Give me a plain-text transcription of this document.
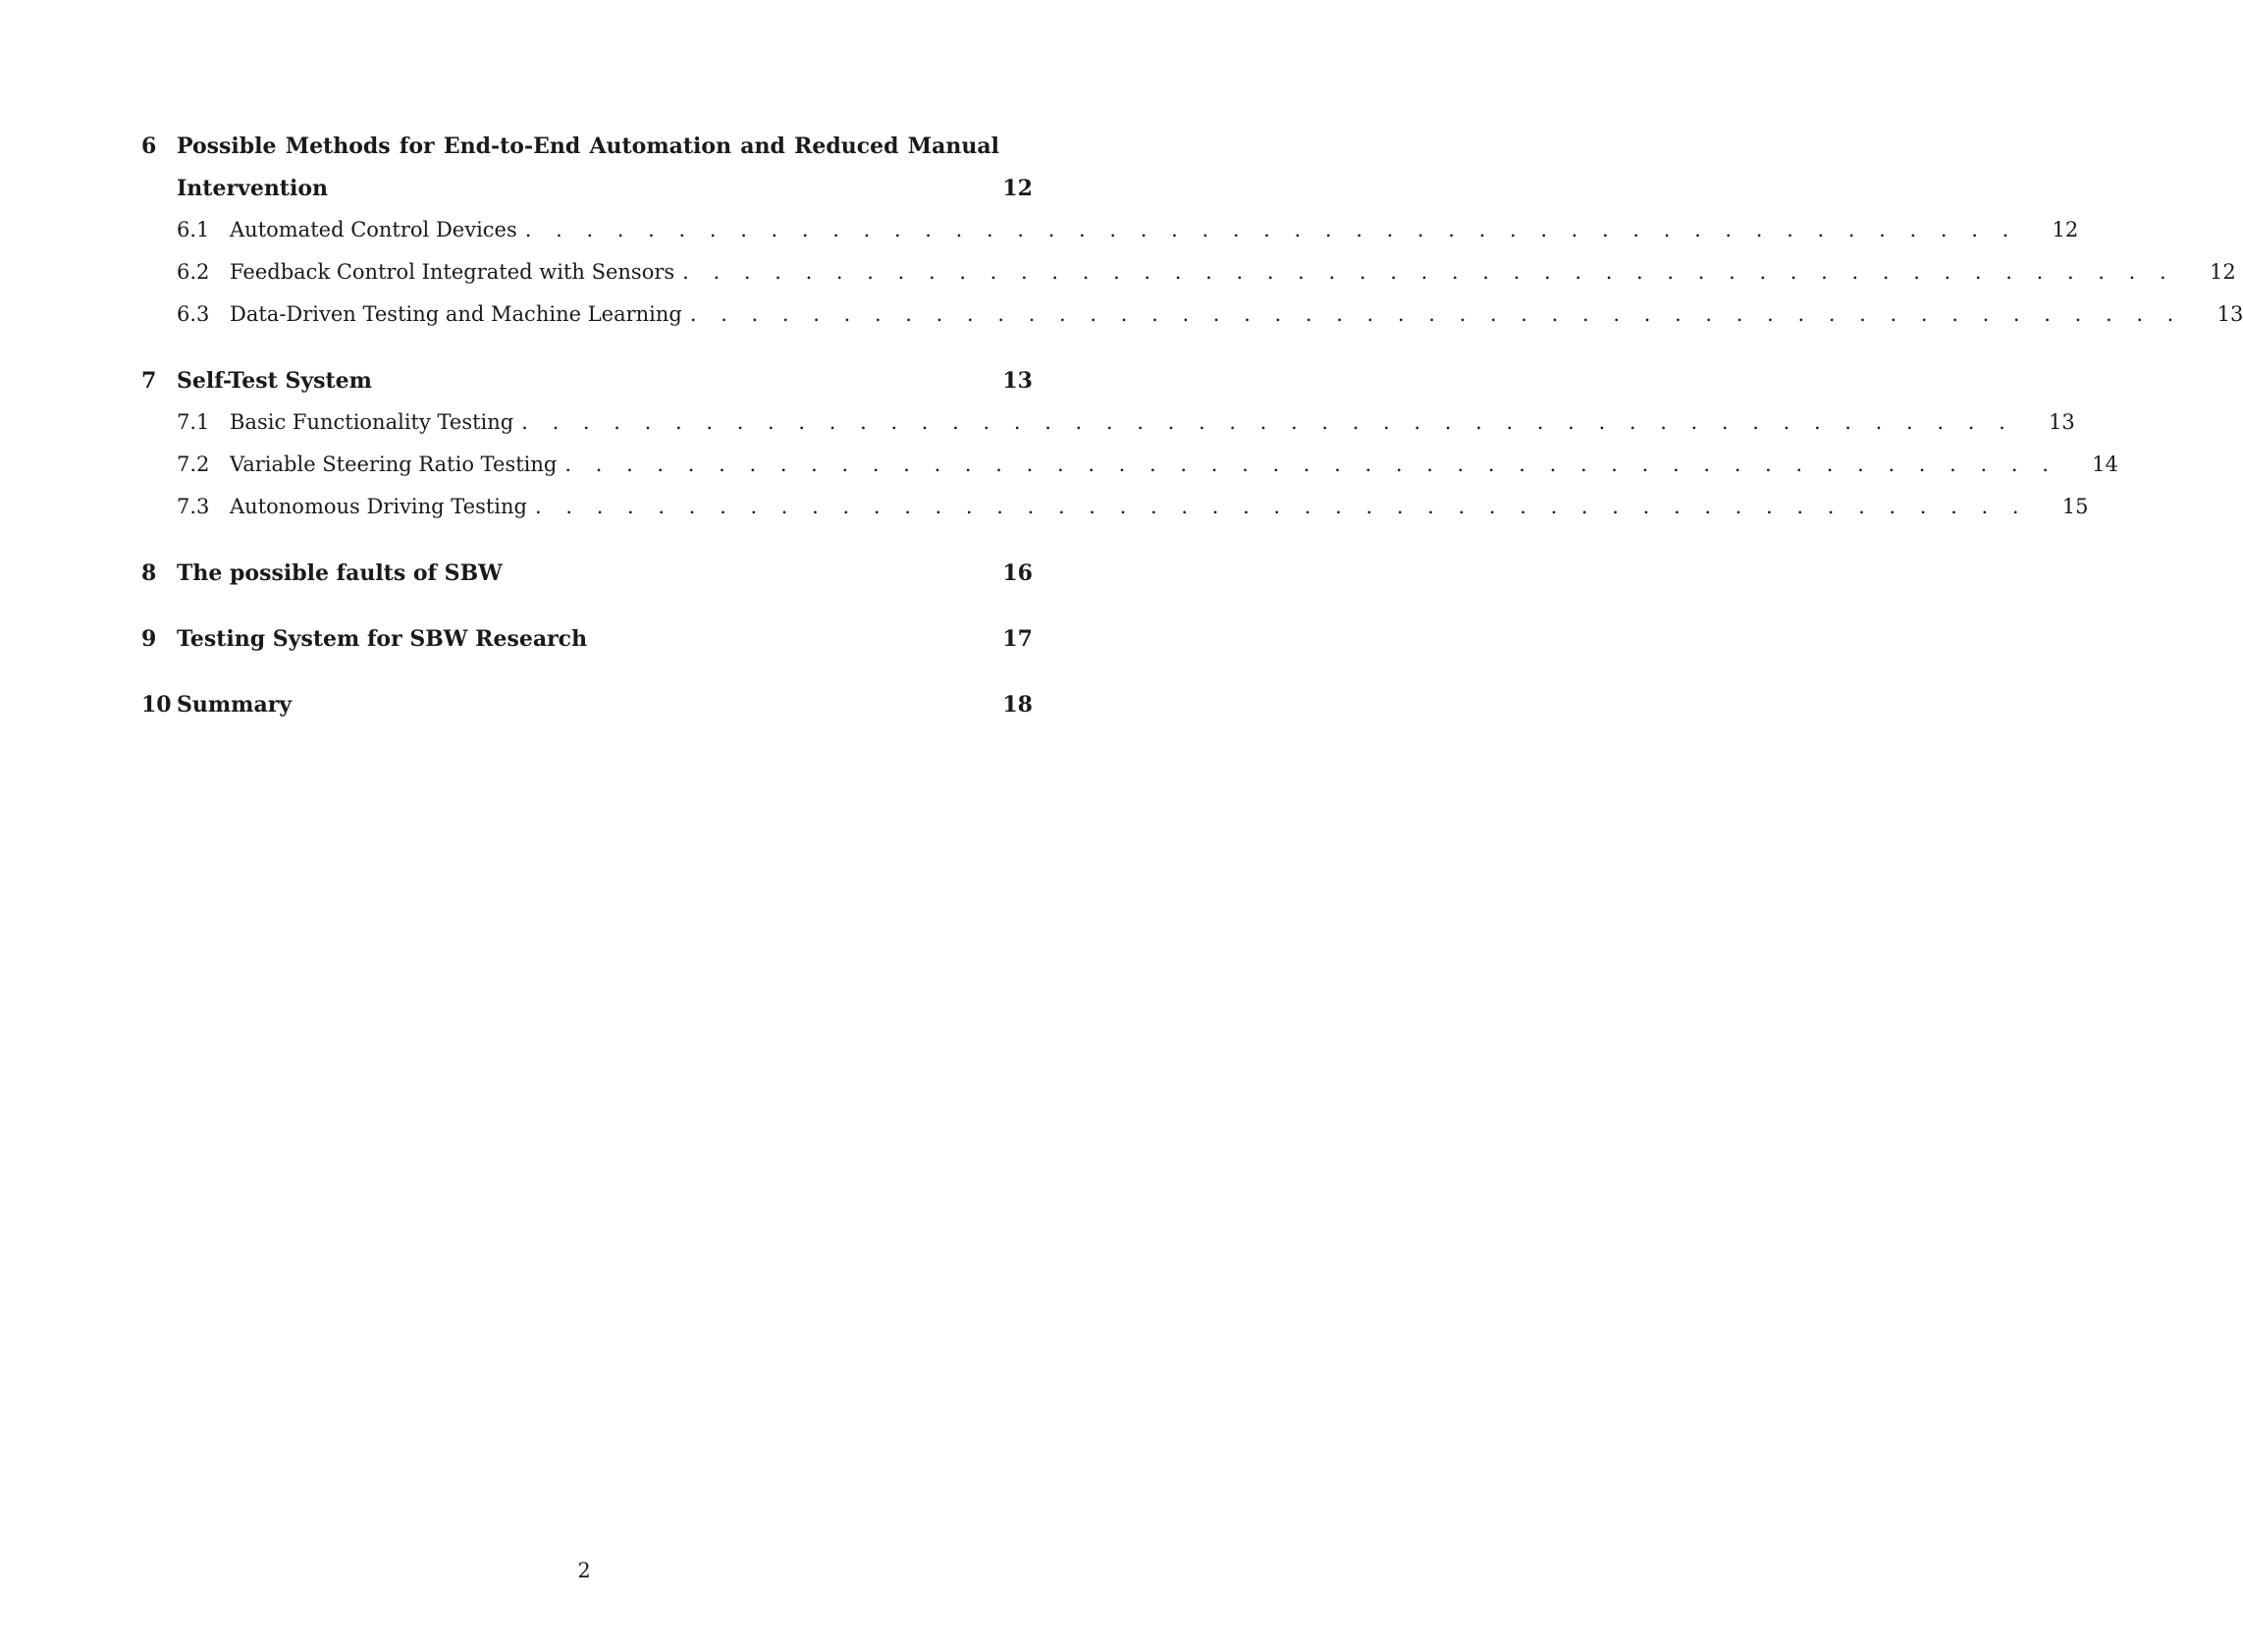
6 Possible Methods for End-to-End Automation and Reduced Manual
Intervention	12
6.1 Automated Control Devices . . . . . . . . . . . . . . . . . . . . . . . . . . . . . . . . . . . . . . . . . . . . . . . . .	12
6.2 Feedback Control Integrated with Sensors . . . . . . . . . . . . . . . . . . . . . . . . . . . . . . . . . . . . . . . . . . . . . . . . .	12
6.3 Data-Driven Testing and Machine Learning . . . . . . . . . . . . . . . . . . . . . . . . . . . . . . . . . . . . . . . . . . . . . . . . .	13
7 Self-Test System	13
7.1 Basic Functionality Testing . . . . . . . . . . . . . . . . . . . . . . . . . . . . . . . . . . . . . . . . . . . . . . . . .	13
7.2 Variable Steering Ratio Testing . . . . . . . . . . . . . . . . . . . . . . . . . . . . . . . . . . . . . . . . . . . . . . . . .	14
7.3 Autonomous Driving Testing . . . . . . . . . . . . . . . . . . . . . . . . . . . . . . . . . . . . . . . . . . . . . . . . .	15
8 The possible faults of SBW	16
9 Testing System for SBW Research	17
10 Summary	18
2
